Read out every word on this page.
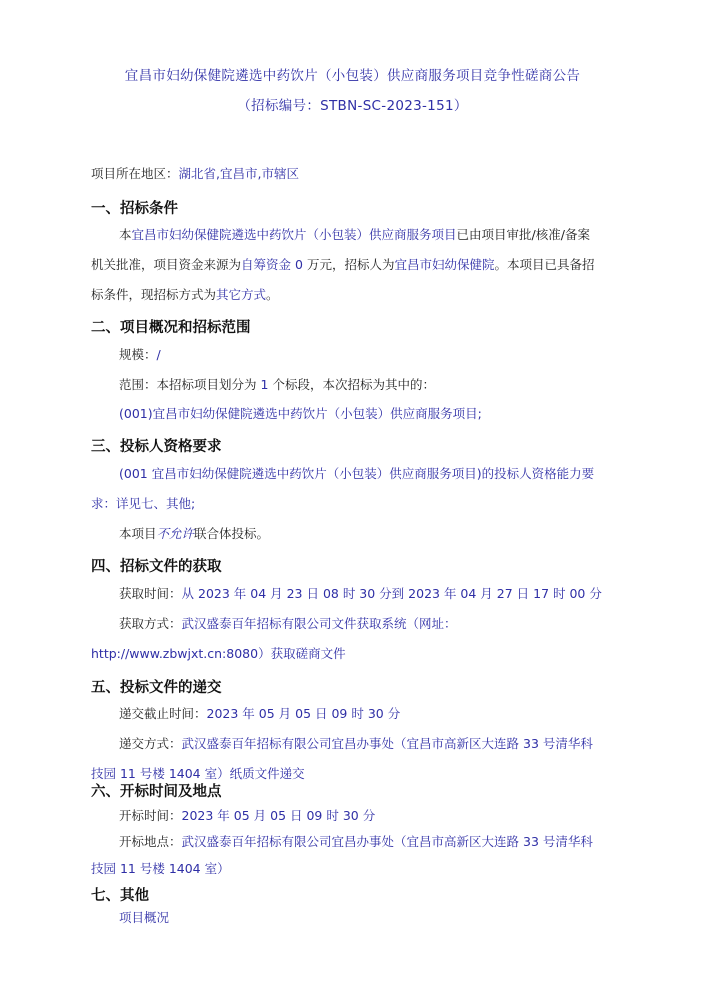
宜昌市妇幼保健院遴选中药饮片（小包装）供应商服务项目竞争性磋商公告
（招标编号：STBN-SC-2023-151）
项目所在地区：湖北省,宜昌市,市辖区
一、招标条件
本宜昌市妇幼保健院遴选中药饮片（小包装）供应商服务项目已由项目审批/核准/备案
机关批准，项目资金来源为自筹资金 0 万元，招标人为宜昌市妇幼保健院。本项目已具备招
标条件，现招标方式为其它方式。
二、项目概况和招标范围
规模：/
范围：本招标项目划分为 1 个标段，本次招标为其中的：
(001)宜昌市妇幼保健院遴选中药饮片（小包装）供应商服务项目;
三、投标人资格要求
(001 宜昌市妇幼保健院遴选中药饮片（小包装）供应商服务项目)的投标人资格能力要
求：详见七、其他;
本项目不允许联合体投标。
四、招标文件的获取
获取时间：从 2023 年 04 月 23 日 08 时 30 分到 2023 年 04 月 27 日 17 时 00 分
获取方式：武汉盛泰百年招标有限公司文件获取系统（网址：
http://www.zbwjxt.cn:8080）获取磋商文件
五、投标文件的递交
递交截止时间：2023 年 05 月 05 日 09 时 30 分
递交方式：武汉盛泰百年招标有限公司宜昌办事处（宜昌市高新区大连路 33 号清华科
技园 11 号楼 1404 室）纸质文件递交
六、开标时间及地点
开标时间：2023 年 05 月 05 日 09 时 30 分
开标地点：武汉盛泰百年招标有限公司宜昌办事处（宜昌市高新区大连路 33 号清华科
技园 11 号楼 1404 室）
七、其他
项目概况
